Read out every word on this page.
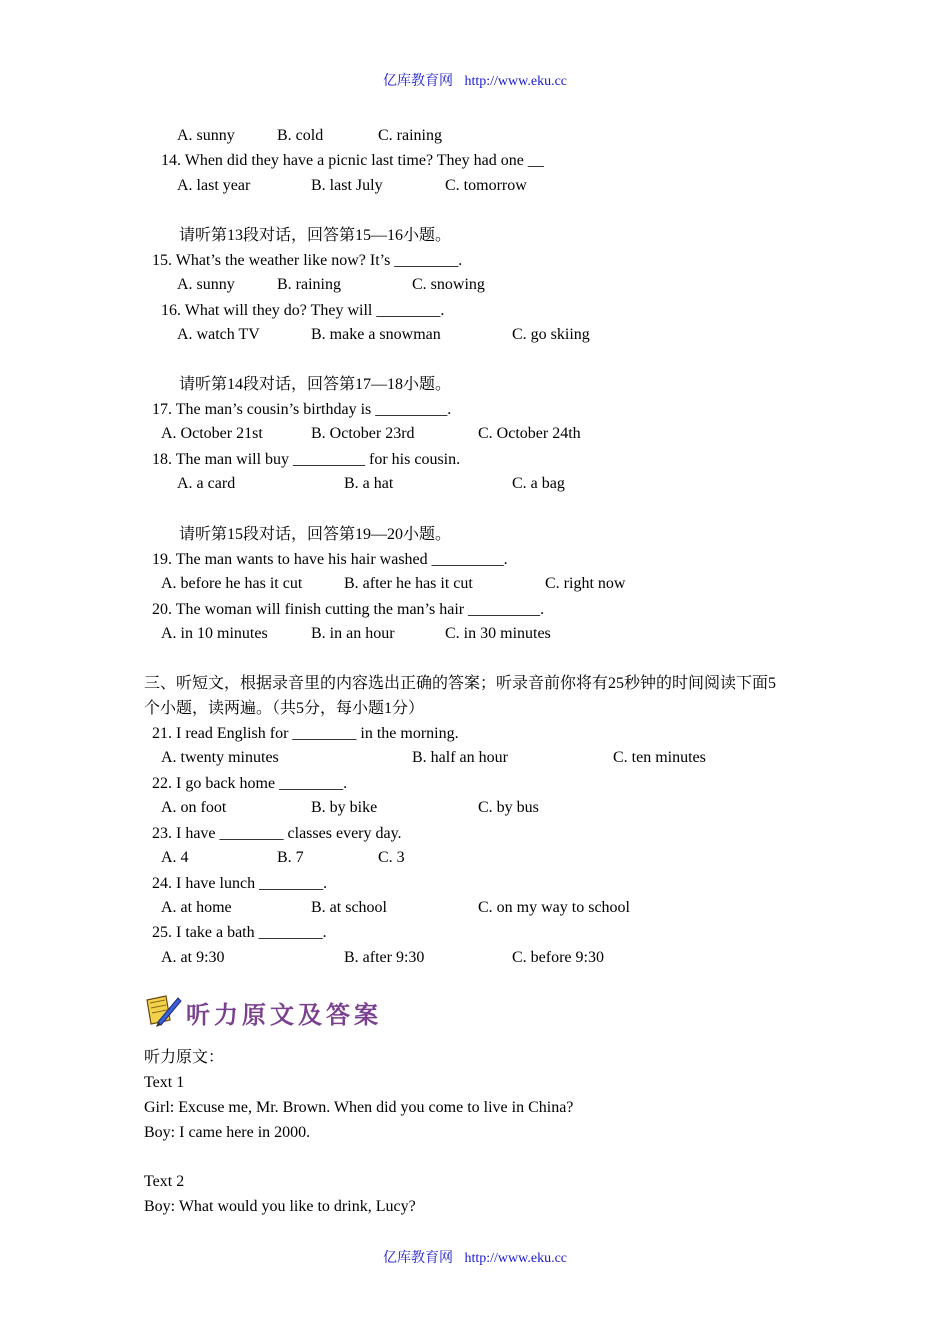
亿库教育网 http://www.eku.cc
A. sunny	B. cold	C. raining
14. When did they have a picnic last time? They had one __
A. last year	B. last July	C. tomorrow
请听第13段对话，回答第15—16小题。
15. What’s the weather like now? It’s ________.
A. sunny	B. raining	C. snowing
16. What will they do? They will ________.
A. watch TV	B. make a snowman	C. go skiing
请听第14段对话，回答第17—18小题。
17. The man’s cousin’s birthday is _________.
A. October 21st	B. October 23rd	C. October 24th
18. The man will buy _________ for his cousin.
A. a card	B. a hat	C. a bag
请听第15段对话，回答第19—20小题。
19. The man wants to have his hair washed _________.
A. before he has it cut	B. after he has it cut	C. right now
20. The woman will finish cutting the man’s hair _________.
A. in 10 minutes	B. in an hour	C. in 30 minutes
三、听短文，根据录音里的内容选出正确的答案；听录音前你将有25秒钟的时间阅读下面5
个小题，读两遍。（共5分，每小题1分）
21. I read English for ________ in the morning.
A. twenty minutes	B. half an hour	C. ten minutes
22. I go back home ________.
A. on foot	B. by bike	C. by bus
23. I have ________ classes every day.
A. 4	B. 7	C. 3
24. I have lunch ________.
A. at home	B. at school	C. on my way to school
25. I take a bath ________.
A. at 9:30	B. after 9:30	C. before 9:30
听力原文及答案
听力原文：
Text 1
Girl: Excuse me, Mr. Brown. When did you come to live in China?
Boy: I came here in 2000.
Text 2
Boy: What would you like to drink, Lucy?
亿库教育网 http://www.eku.cc
